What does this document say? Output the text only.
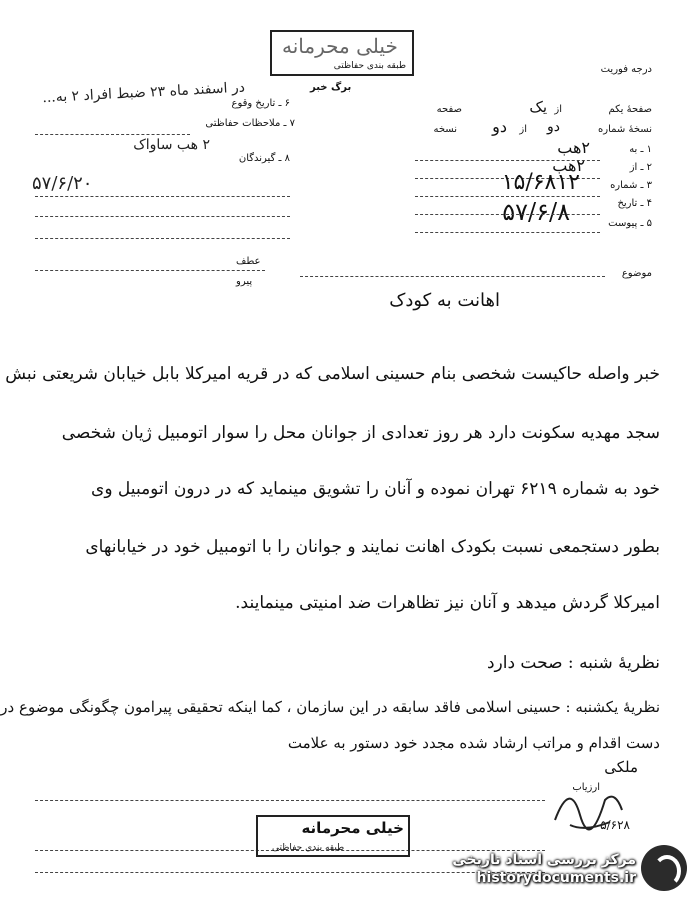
خیلی محرمانه
طبقه بندی حفاظتی	درجه فوریت
برگ خبر
صفحهٔ یکم
یک از
صفحه
نسخهٔ شماره
دو
از
دو
نسخه
۱ ـ به
۲هب
۲ ـ از
۲هب
۳ ـ شماره
۱۵/۶۸۱۲
۴ ـ تاریخ
۵۷/۶/۸	۵ ـ پیوست
۶ ـ تاریخ وقوع
در اسفند ماه ۲۳ ضبط افراد ۲ به...
۷ ـ ملاحظات حفاظتی
۸ ـ گیرندگان
۲ هب ساواک
۵۷/۶/۲۰
عطف
پیرو
موضوع
اهانت به کودک
خبر واصله حاکیست شخصی بنام حسینی اسلامی که در قریه امیرکلا بابل خیابان شریعتی نبش
سجد مهدیه سکونت دارد هر روز تعدادی از جوانان محل را سوار اتومبیل ژیان شخصی
خود به شماره ۶۲۱۹ تهران نموده و آنان را تشویق مینماید که در درون اتومبیل وی
بطور دستجمعی نسبت بکودک اهانت نمایند و جوانان را با اتومبیل خود در خیابانهای
امیرکلا گردش میدهد و آنان نیز تظاهرات ضد امنیتی مینمایند.
نظریهٔ شنبه : صحت دارد
نظریهٔ یکشنبه : حسینی اسلامی فاقد سابقه در این سازمان ، کما اینکه تحقیقی پیرامون چگونگی موضوع در
دست اقدام و مراتب ارشاد شده مجدد خود دستور به علامت
ملکی
ارزیاب
۵/۶۲۸
خیلی محرمانه
طبقه بندی حفاظتی
مرکز بررسی اسناد تاریخی
historydocuments.ir
